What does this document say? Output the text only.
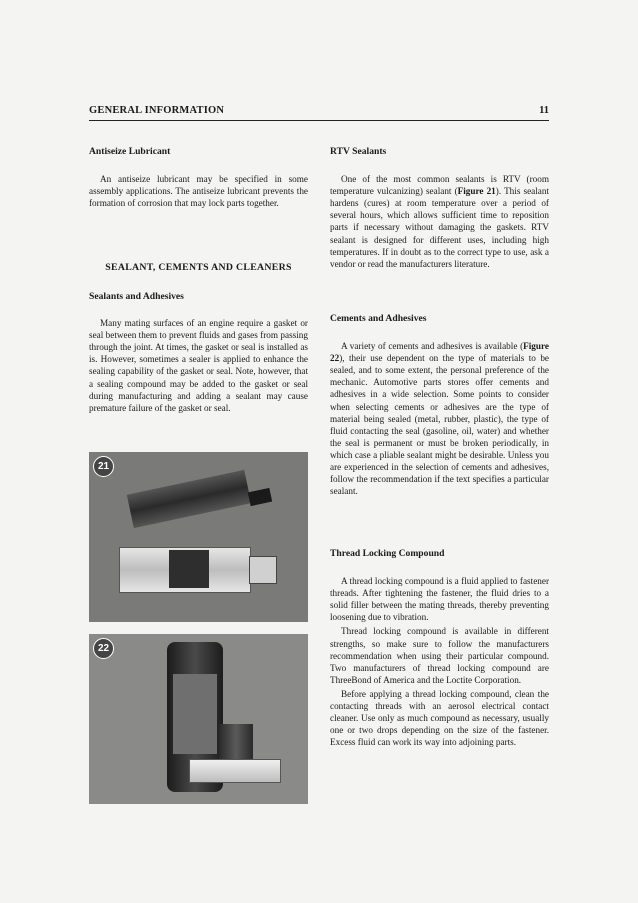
GENERAL INFORMATION	11
Antiseize Lubricant

An antiseize lubricant may be specified in some assembly applications. The antiseize lubricant prevents the formation of corrosion that may lock parts together.

SEALANT, CEMENTS AND CLEANERS
Sealants and Adhesives

Many mating surfaces of an engine require a gasket or seal between them to prevent fluids and gases from passing through the joint. At times, the gasket or seal is installed as is. However, sometimes a sealer is applied to enhance the sealing capability of the gasket or seal. Note, however, that a sealing compound may be added to the gasket or seal during manufacturing and adding a sealant may cause premature failure of the gasket or seal.

21
22
RTV Sealants

One of the most common sealants is RTV (room temperature vulcanizing) sealant (Figure 21). This sealant hardens (cures) at room temperature over a period of several hours, which allows sufficient time to reposition parts if necessary without damaging the gaskets. RTV sealant is designed for different uses, including high temperatures. If in doubt as to the correct type to use, ask a vendor or read the manufacturers literature.

Cements and Adhesives

A variety of cements and adhesives is available (Figure 22), their use dependent on the type of materials to be sealed, and to some extent, the personal preference of the mechanic. Automotive parts stores offer cements and adhesives in a wide selection. Some points to consider when selecting cements or adhesives are the type of material being sealed (metal, rubber, plastic), the type of fluid contacting the seal (gasoline, oil, water) and whether the seal is permanent or must be broken periodically, in which case a pliable sealant might be desirable. Unless you are experienced in the selection of cements and adhesives, follow the recommendation if the text specifies a particular sealant.

Thread Locking Compound

A thread locking compound is a fluid applied to fastener threads. After tightening the fastener, the fluid dries to a solid filler between the mating threads, thereby preventing loosening due to vibration.

Thread locking compound is available in different strengths, so make sure to follow the manufacturers recommendation when using their particular compound. Two manufacturers of thread locking compound are ThreeBond of America and the Loctite Corporation.

Before applying a thread locking compound, clean the contacting threads with an aerosol electrical contact cleaner. Use only as much compound as necessary, usually one or two drops depending on the size of the fastener. Excess fluid can work its way into adjoining parts.
